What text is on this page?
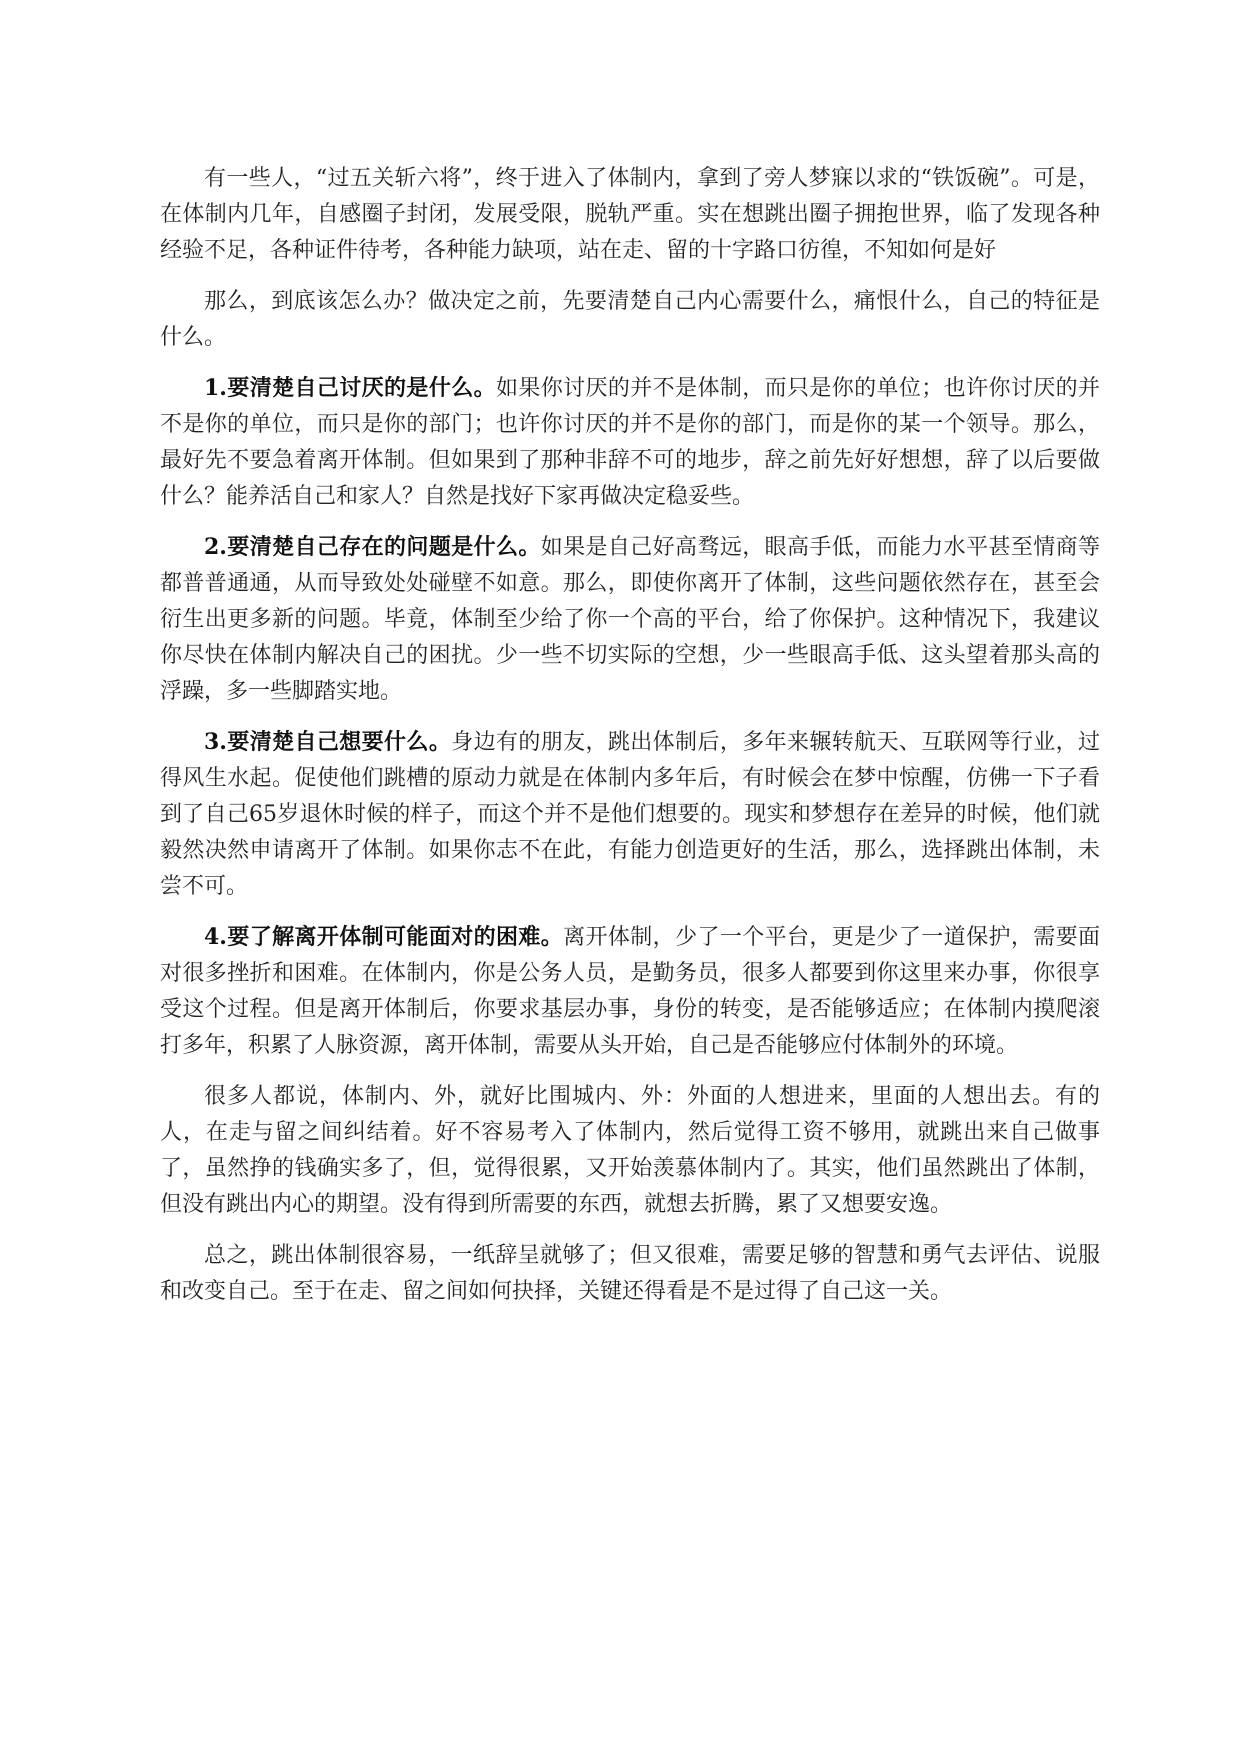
有一些人，“过五关斩六将”，终于进入了体制内，拿到了旁人梦寐以求的“铁饭碗”。可是，在体制内几年，自感圈子封闭，发展受限，脱轨严重。实在想跳出圈子拥抱世界，临了发现各种经验不足，各种证件待考，各种能力缺项，站在走、留的十字路口彷徨，不知如何是好

那么，到底该怎么办？做决定之前，先要清楚自己内心需要什么，痛恨什么，自己的特征是什么。

1.要清楚自己讨厌的是什么。如果你讨厌的并不是体制，而只是你的单位；也许你讨厌的并不是你的单位，而只是你的部门；也许你讨厌的并不是你的部门，而是你的某一个领导。那么，最好先不要急着离开体制。但如果到了那种非辞不可的地步，辞之前先好好想想，辞了以后要做什么？能养活自己和家人？自然是找好下家再做决定稳妥些。

2.要清楚自己存在的问题是什么。如果是自己好高骛远，眼高手低，而能力水平甚至情商等都普普通通，从而导致处处碰壁不如意。那么，即使你离开了体制，这些问题依然存在，甚至会衍生出更多新的问题。毕竟，体制至少给了你一个高的平台，给了你保护。这种情况下，我建议你尽快在体制内解决自己的困扰。少一些不切实际的空想，少一些眼高手低、这头望着那头高的浮躁，多一些脚踏实地。

3.要清楚自己想要什么。身边有的朋友，跳出体制后，多年来辗转航天、互联网等行业，过得风生水起。促使他们跳槽的原动力就是在体制内多年后，有时候会在梦中惊醒，仿佛一下子看到了自己65岁退休时候的样子，而这个并不是他们想要的。现实和梦想存在差异的时候，他们就毅然决然申请离开了体制。如果你志不在此，有能力创造更好的生活，那么，选择跳出体制，未尝不可。

4.要了解离开体制可能面对的困难。离开体制，少了一个平台，更是少了一道保护，需要面对很多挫折和困难。在体制内，你是公务人员，是勤务员，很多人都要到你这里来办事，你很享受这个过程。但是离开体制后，你要求基层办事，身份的转变，是否能够适应；在体制内摸爬滚打多年，积累了人脉资源，离开体制，需要从头开始，自己是否能够应付体制外的环境。

很多人都说，体制内、外，就好比围城内、外：外面的人想进来，里面的人想出去。有的人，在走与留之间纠结着。好不容易考入了体制内，然后觉得工资不够用，就跳出来自己做事了，虽然挣的钱确实多了，但，觉得很累，又开始羡慕体制内了。其实，他们虽然跳出了体制，但没有跳出内心的期望。没有得到所需要的东西，就想去折腾，累了又想要安逸。

总之，跳出体制很容易，一纸辞呈就够了；但又很难，需要足够的智慧和勇气去评估、说服和改变自己。至于在走、留之间如何抉择，关键还得看是不是过得了自己这一关。
